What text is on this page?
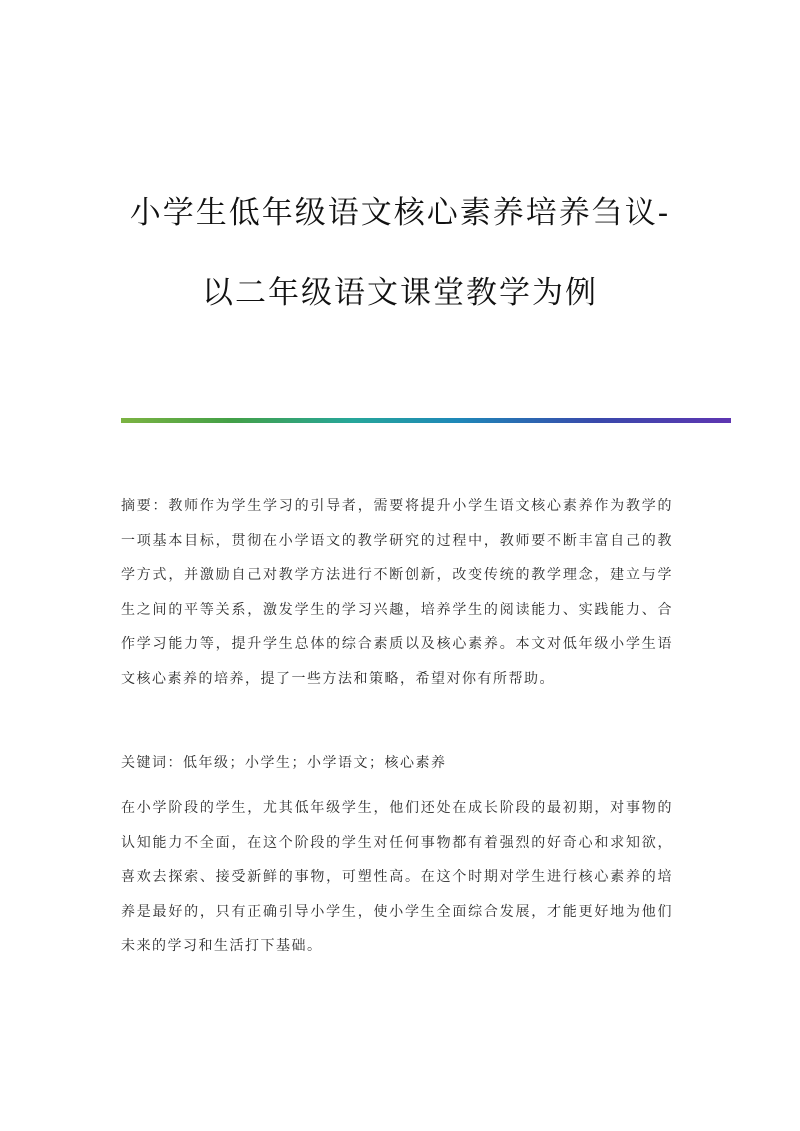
小学生低年级语文核心素养培养刍议-
以二年级语文课堂教学为例

摘要：教师作为学生学习的引导者，需要将提升小学生语文核心素养作为教学的一项基本目标，贯彻在小学语文的教学研究的过程中，教师要不断丰富自己的教学方式，并激励自己对教学方法进行不断创新，改变传统的教学理念，建立与学生之间的平等关系，激发学生的学习兴趣，培养学生的阅读能力、实践能力、合作学习能力等，提升学生总体的综合素质以及核心素养。本文对低年级小学生语文核心素养的培养，提了一些方法和策略，希望对你有所帮助。

关键词：低年级；小学生；小学语文；核心素养

在小学阶段的学生，尤其低年级学生，他们还处在成长阶段的最初期，对事物的认知能力不全面，在这个阶段的学生对任何事物都有着强烈的好奇心和求知欲，喜欢去探索、接受新鲜的事物，可塑性高。在这个时期对学生进行核心素养的培养是最好的，只有正确引导小学生，使小学生全面综合发展，才能更好地为他们未来的学习和生活打下基础。
